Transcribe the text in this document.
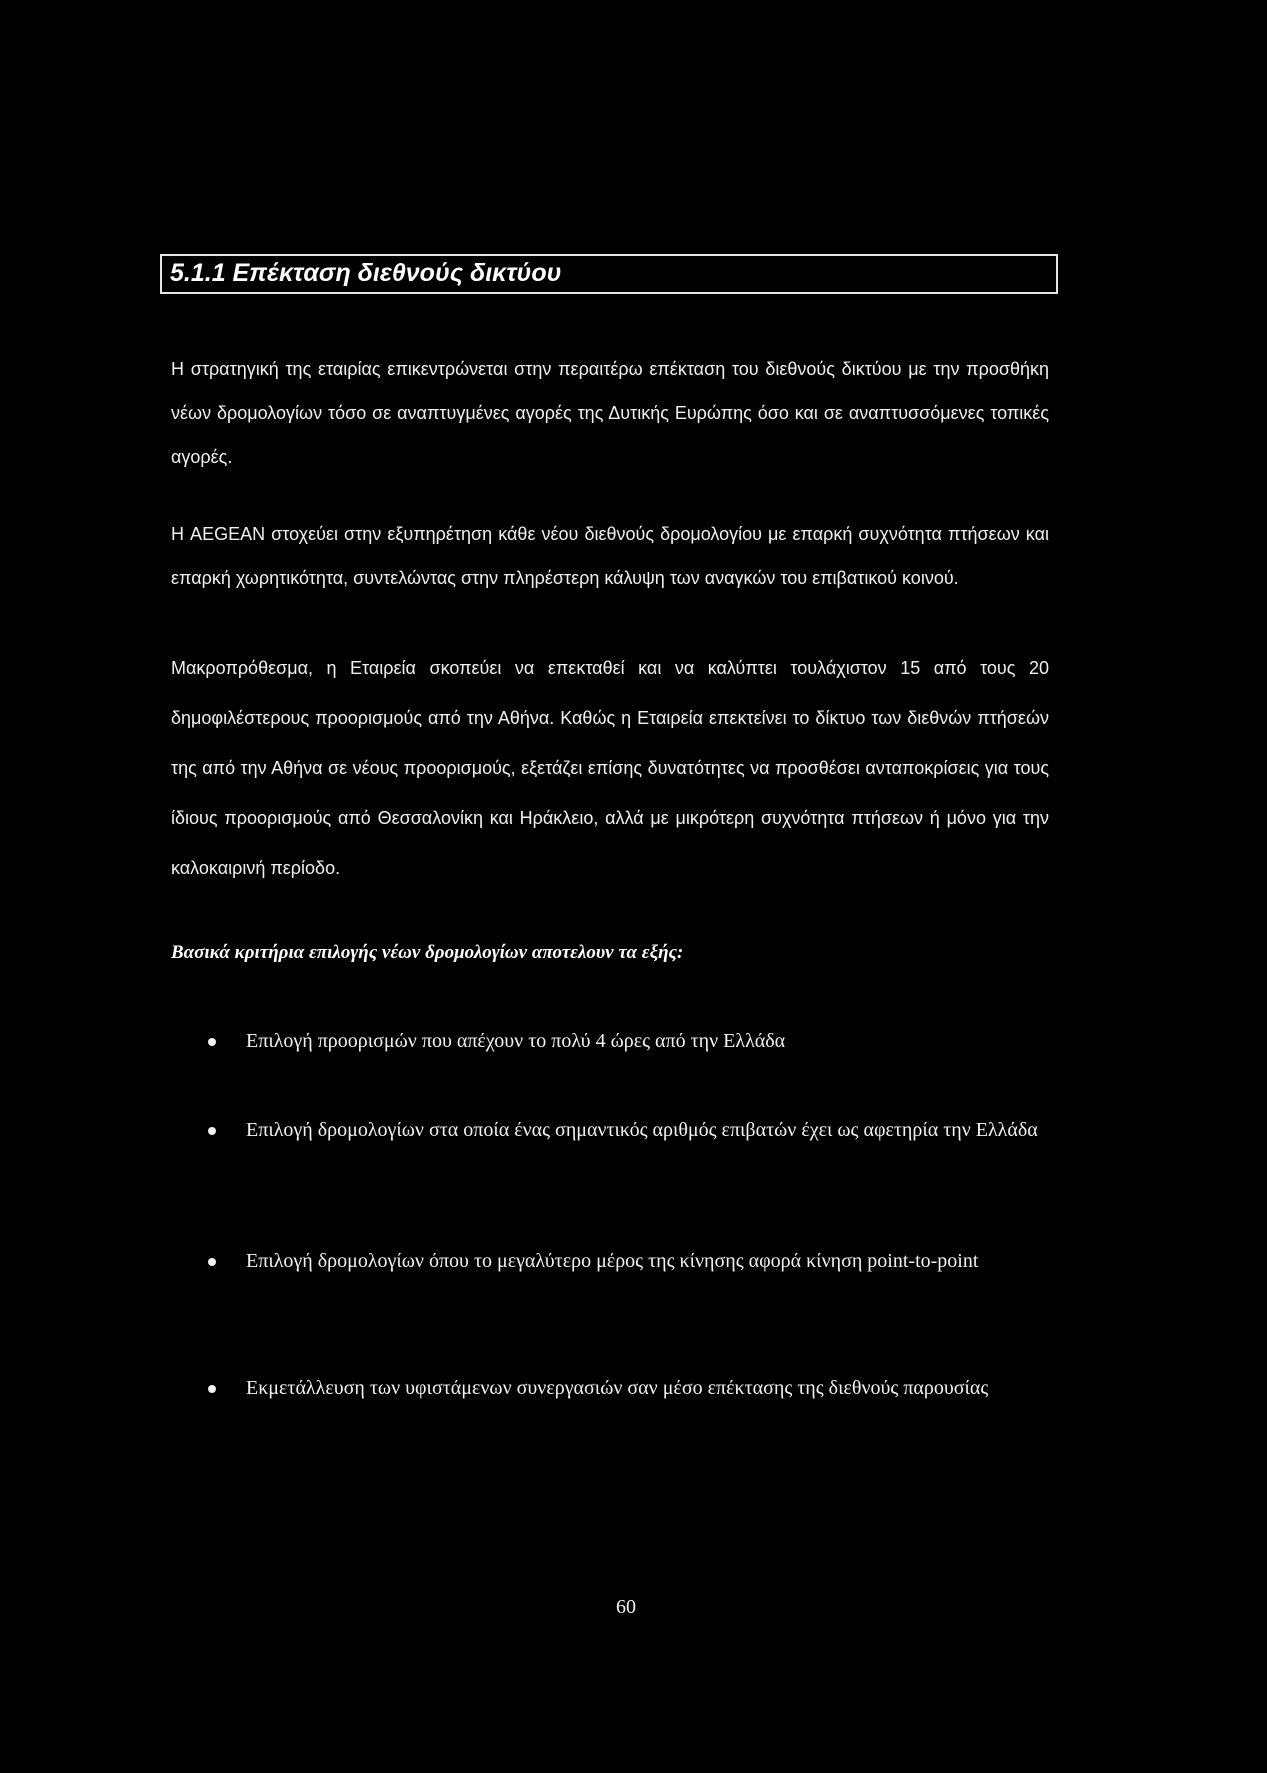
5.1.1 Επέκταση διεθνούς δικτύου

Η στρατηγική της εταιρίας επικεντρώνεται στην περαιτέρω επέκταση του διεθνούς δικτύου με την προσθήκη νέων δρομολογίων τόσο σε αναπτυγμένες αγορές της Δυτικής Ευρώπης όσο και σε αναπτυσσόμενες τοπικές αγορές.

Η AEGEAN στοχεύει στην εξυπηρέτηση κάθε νέου διεθνούς δρομολογίου με επαρκή συχνότητα πτήσεων και επαρκή χωρητικότητα, συντελώντας στην πληρέστερη κάλυψη των αναγκών του επιβατικού κοινού.

Μακροπρόθεσμα, η Εταιρεία σκοπεύει να επεκταθεί και να καλύπτει τουλάχιστον 15 από τους 20 δημοφιλέστερους προορισμούς από την Αθήνα. Καθώς η Εταιρεία επεκτείνει το δίκτυο των διεθνών πτήσεών της από την Αθήνα σε νέους προορισμούς, εξετάζει επίσης δυνατότητες να προσθέσει ανταποκρίσεις για τους ίδιους προορισμούς από Θεσσαλονίκη και Ηράκλειο, αλλά με μικρότερη συχνότητα πτήσεων ή μόνο για την καλοκαιρινή περίοδο.

Βασικά κριτήρια επιλογής νέων δρομολογίων αποτελουν τα εξής:

Επιλογή προορισμών που απέχουν το πολύ 4 ώρες από την Ελλάδα
Επιλογή δρομολογίων στα οποία ένας σημαντικός αριθμός επιβατών έχει ως αφετηρία την Ελλάδα
Επιλογή δρομολογίων όπου το μεγαλύτερο μέρος της κίνησης αφορά κίνηση point-to-point
Εκμετάλλευση των υφιστάμενων συνεργασιών σαν μέσο επέκτασης της διεθνούς παρουσίας

60
